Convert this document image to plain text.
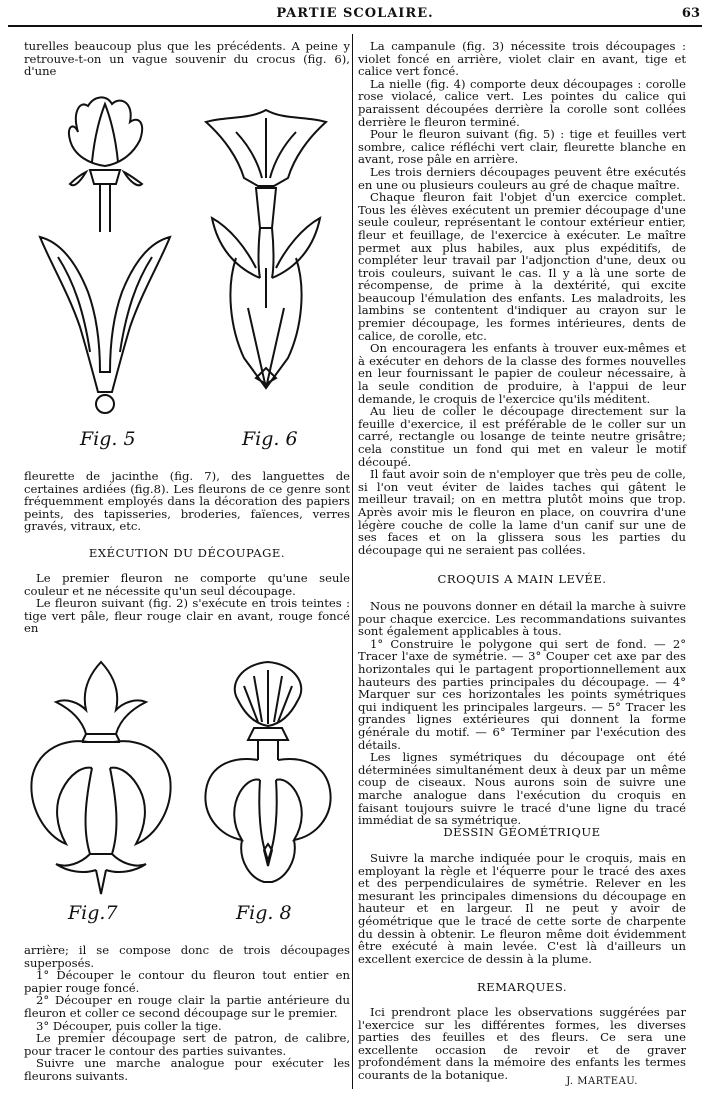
PARTIE SCOLAIRE.	63

turelles beaucoup plus que les précédents. A peine y retrouve-t-on un vague souvenir du crocus (fig. 6), d'une

Fig. 5	Fig. 6

fleurette de jacinthe (fig. 7), des languettes de certaines ardiées (fig.8). Les fleurons de ce genre sont fréquemment employés dans la décoration des papiers peints, des tapisseries, broderies, faïences, verres gravés, vitraux, etc.

EXÉCUTION DU DÉCOUPAGE.

Le premier fleuron ne comporte qu'une seule couleur et ne nécessite qu'un seul découpage.

Le fleuron suivant (fig. 2) s'exécute en trois teintes : tige vert pâle, fleur rouge clair en avant, rouge foncé en

Fig.7	Fig. 8

arrière; il se compose donc de trois découpages superposés.

1° Découper le contour du fleuron tout entier en papier rouge foncé.

2° Découper en rouge clair la partie antérieure du fleuron et coller ce second découpage sur le premier.

3° Découper, puis coller la tige.

Le premier découpage sert de patron, de calibre, pour tracer le contour des parties suivantes.

Suivre une marche analogue pour exécuter les fleurons suivants.

La campanule (fig. 3) nécessite trois découpages : violet foncé en arrière, violet clair en avant, tige et calice vert foncé.

La nielle (fig. 4) comporte deux découpages : corolle rose violacé, calice vert. Les pointes du calice qui paraissent découpées derrière la corolle sont collées derrière le fleuron terminé.

Pour le fleuron suivant (fig. 5) : tige et feuilles vert sombre, calice réfléchi vert clair, fleurette blanche en avant, rose pâle en arrière.

Les trois derniers découpages peuvent être exécutés en une ou plusieurs couleurs au gré de chaque maître.

Chaque fleuron fait l'objet d'un exercice complet. Tous les élèves exécutent un premier découpage d'une seule couleur, représentant le contour extérieur entier, fleur et feuillage, de l'exercice à exécuter. Le maître permet aux plus habiles, aux plus expéditifs, de compléter leur travail par l'adjonction d'une, deux ou trois couleurs, suivant le cas. Il y a là une sorte de récompense, de prime à la dextérité, qui excite beaucoup l'émulation des enfants. Les maladroits, les lambins se contentent d'indiquer au crayon sur le premier découpage, les formes intérieures, dents de calice, de corolle, etc.

On encouragera les enfants à trouver eux-mêmes et à exécuter en dehors de la classe des formes nouvelles en leur fournissant le papier de couleur nécessaire, à la seule condition de produire, à l'appui de leur demande, le croquis de l'exercice qu'ils méditent.

Au lieu de coller le découpage directement sur la feuille d'exercice, il est préférable de le coller sur un carré, rectangle ou losange de teinte neutre grisâtre; cela constitue un fond qui met en valeur le motif découpé.

Il faut avoir soin de n'employer que très peu de colle, si l'on veut éviter de laides taches qui gâtent le meilleur travail; on en mettra plutôt moins que trop. Après avoir mis le fleuron en place, on couvrira d'une légère couche de colle la lame d'un canif sur une de ses faces et on la glissera sous les parties du découpage qui ne seraient pas collées.

CROQUIS A MAIN LEVÉE.

Nous ne pouvons donner en détail la marche à suivre pour chaque exercice. Les recommandations suivantes sont également applicables à tous.

1° Construire le polygone qui sert de fond. — 2° Tracer l'axe de symétrie. — 3° Couper cet axe par des horizontales qui le partagent proportionnellement aux hauteurs des parties principales du découpage. — 4° Marquer sur ces horizontales les points symétriques qui indiquent les principales largeurs. — 5° Tracer les grandes lignes extérieures qui donnent la forme générale du motif. — 6° Terminer par l'exécution des détails.

Les lignes symétriques du découpage ont été déterminées simultanément deux à deux par un même coup de ciseaux. Nous aurons soin de suivre une marche analogue dans l'exécution du croquis en faisant toujours suivre le tracé d'une ligne du tracé immédiat de sa symétrique.

DESSIN GÉOMÉTRIQUE

Suivre la marche indiquée pour le croquis, mais en employant la règle et l'équerre pour le tracé des axes et des perpendiculaires de symétrie. Relever en les mesurant les principales dimensions du découpage en hauteur et en largeur. Il ne peut y avoir de géométrique que le tracé de cette sorte de charpente du dessin à obtenir. Le fleuron même doit évidemment être exécuté à main levée. C'est là d'ailleurs un excellent exercice de dessin à la plume.

REMARQUES.

Ici prendront place les observations suggérées par l'exercice sur les différentes formes, les diverses parties des feuilles et des fleurs. Ce sera une excellente occasion de revoir et de graver profondément dans la mémoire des enfants les termes courants de la botanique.	J. MARTEAU.
